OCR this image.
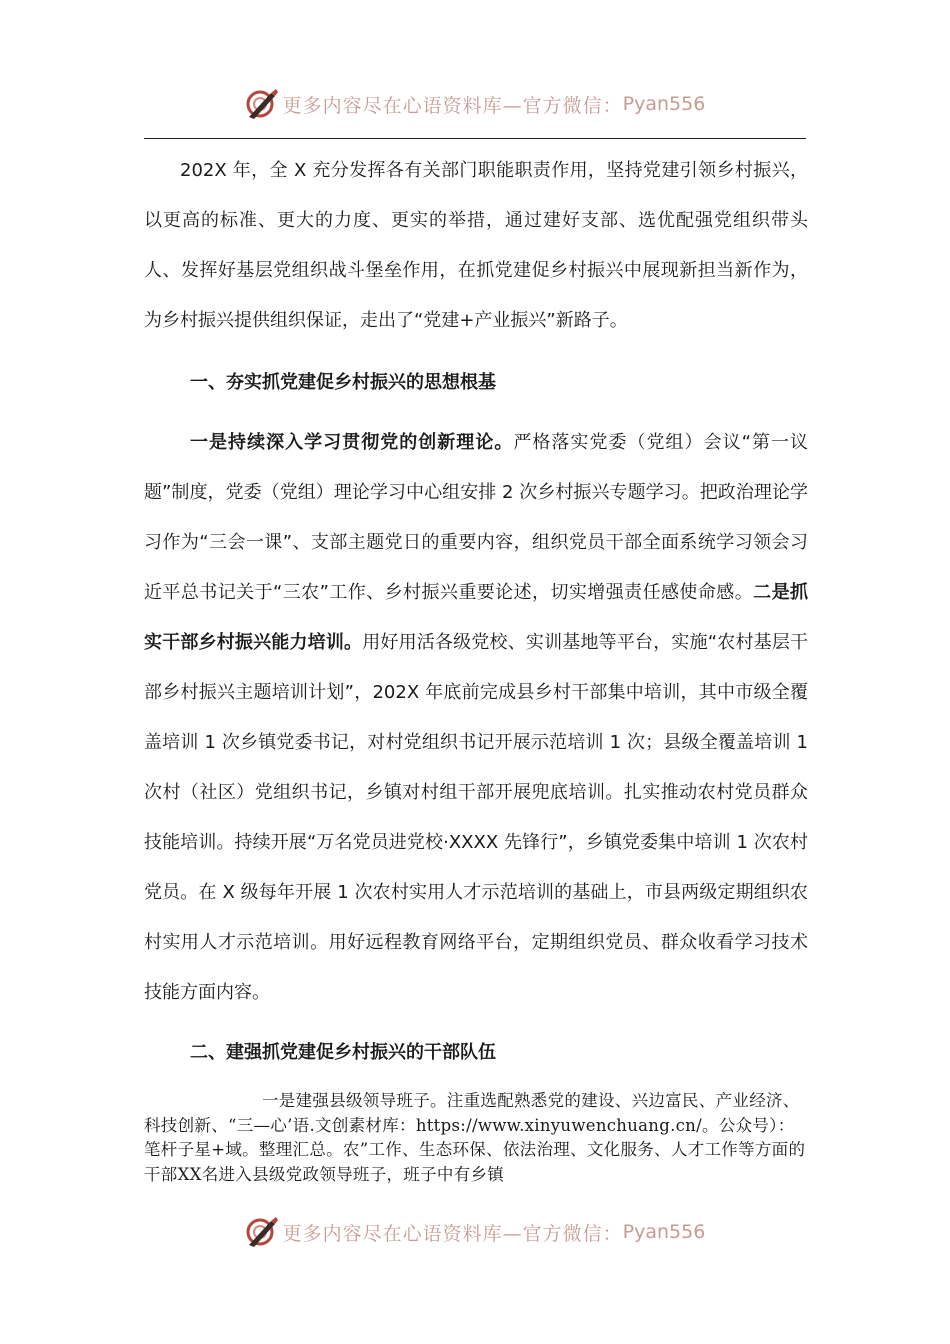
更多内容尽在心语资料库—官方微信： Pyan556

202X 年，全 X 充分发挥各有关部门职能职责作用，坚持党建引领乡村振兴，以更高的标准、更大的力度、更实的举措，通过建好支部、选优配强党组织带头人、发挥好基层党组织战斗堡垒作用，在抓党建促乡村振兴中展现新担当新作为，为乡村振兴提供组织保证，走出了“党建+产业振兴”新路子。

一、夯实抓党建促乡村振兴的思想根基

一是持续深入学习贯彻党的创新理论。严格落实党委（党组）会议“第一议题”制度，党委（党组）理论学习中心组安排 2 次乡村振兴专题学习。把政治理论学习作为“三会一课”、支部主题党日的重要内容，组织党员干部全面系统学习领会习近平总书记关于“三农”工作、乡村振兴重要论述，切实增强责任感使命感。二是抓实干部乡村振兴能力培训。用好用活各级党校、实训基地等平台，实施“农村基层干部乡村振兴主题培训计划”，202X 年底前完成县乡村干部集中培训，其中市级全覆盖培训 1 次乡镇党委书记，对村党组织书记开展示范培训 1 次；县级全覆盖培训 1 次村（社区）党组织书记，乡镇对村组干部开展兜底培训。扎实推动农村党员群众技能培训。持续开展“万名党员进党校·XXXX 先锋行”，乡镇党委集中培训 1 次农村党员。在 X 级每年开展 1 次农村实用人才示范培训的基础上，市县两级定期组织农村实用人才示范培训。用好远程教育网络平台，定期组织党员、群众收看学习技术技能方面内容。

二、建强抓党建促乡村振兴的干部队伍

一是建强县级领导班子。注重选配熟悉党的建设、兴边富民、产业经济、科技创新、“三—心’语.文创素材库：https://www.xinyuwenchuang.cn/。公众号）：笔杆子星+域。整理汇总。农”工作、生态环保、依法治理、文化服务、人才工作等方面的干部XX名进入县级党政领导班子，班子中有乡镇

更多内容尽在心语资料库—官方微信： Pyan556
